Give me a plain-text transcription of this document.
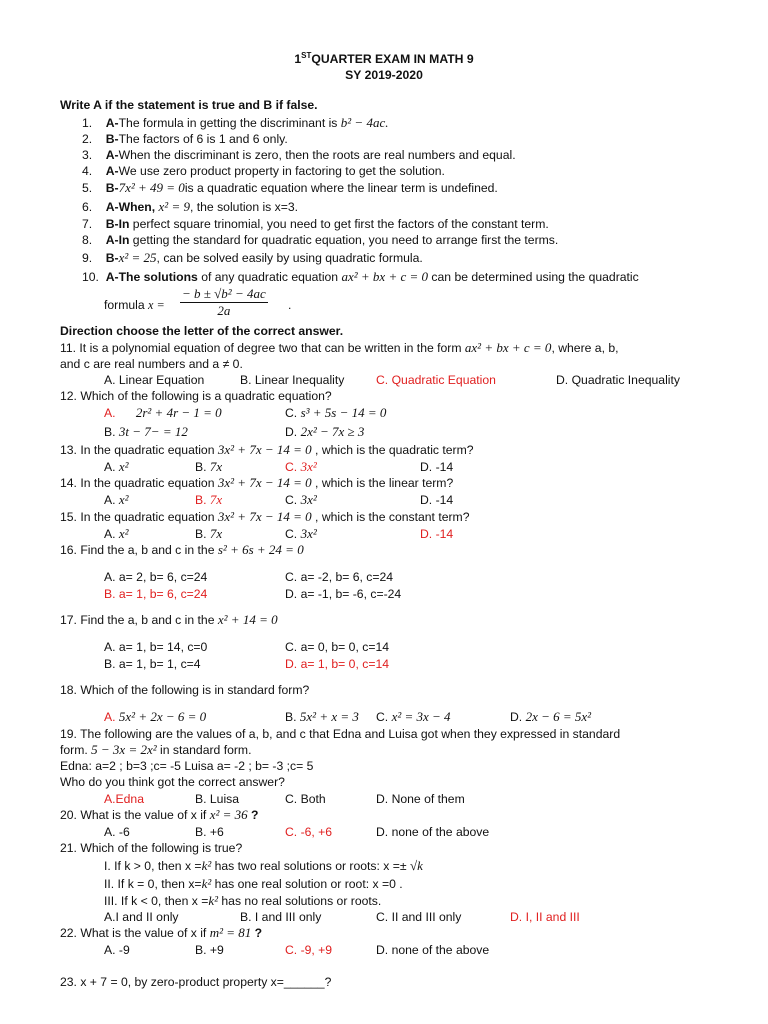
1STQUARTER EXAM IN MATH 9
SY 2019-2020
Write A if the statement is true and B if false.
1. A-The formula in getting the discriminant is b² − 4ac.
2. B-The factors of 6 is 1 and 6 only.
3. A-When the discriminant is zero, then the roots are real numbers and equal.
4. A-We use zero product property in factoring to get the solution.
5. B-7x² + 49 = 0is a quadratic equation where the linear term is undefined.
6. A-When, x² = 9, the solution is x=3.
7. B-In perfect square trinomial, you need to get first the factors of the constant term.
8. A-In getting the standard for quadratic equation, you need to arrange first the terms.
9. B-x² = 25, can be solved easily by using quadratic formula.
10. A-The solutions of any quadratic equation ax² + bx + c = 0 can be determined using the quadratic
formula $x = \frac{\text{− b ± √b² − 4ac}}{2a}$ .
Direction choose the letter of the correct answer.
11. It is a polynomial equation of degree two that can be written in the form ax² + bx + c = 0, where a, b,
and c are real numbers and a ≠ 0.
A. Linear Equation	B. Linear Inequality	C. Quadratic Equation	D. Quadratic Inequality
12. Which of the following is a quadratic equation?
A. 2r² + 4r − 1 = 0	C. s³ + 5s − 14 = 0
B. 3t − 7− = 12	D. 2x² − 7x ≥ 3
13. In the quadratic equation 3x² + 7x − 14 = 0 , which is the quadratic term?
A. x²	B. 7x	C. 3x²	D. -14
14. In the quadratic equation 3x² + 7x − 14 = 0 , which is the linear term?
A. x²	B. 7x	C. 3x²	D. -14
15. In the quadratic equation 3x² + 7x − 14 = 0 , which is the constant term?
A. x²	B. 7x	C. 3x²	D. -14
16. Find the a, b and c in the s² + 6s + 24 = 0
A. a= 2, b= 6, c=24	C. a= -2, b= 6, c=24
B. a= 1, b= 6, c=24	D. a= -1, b= -6, c=-24
17. Find the a, b and c in the x² + 14 = 0
A. a= 1, b= 14, c=0	C. a= 0, b= 0, c=14
B. a= 1, b= 1, c=4	D. a= 1, b= 0, c=14
18. Which of the following is in standard form?
A. 5x² + 2x − 6 = 0	B. 5x² + x = 3 C. x² = 3x − 4	D. 2x − 6 = 5x²
19. The following are the values of a, b, and c that Edna and Luisa got when they expressed in standard
form. 5 − 3x = 2x² in standard form.
Edna: a=2 ; b=3 ;c= -5 Luisa a= -2 ; b= -3 ;c= 5
Who do you think got the correct answer?
A.Edna	B. Luisa	C. Both	D. None of them
20. What is the value of x if x² = 36 ?
A. -6	B. +6	C. -6, +6	D. none of the above
21. Which of the following is true?
I. If k > 0, then x =k² has two real solutions or roots: x =± √k
II. If k = 0, then x=k² has one real solution or root: x =0 .
III. If k < 0, then x =k² has no real solutions or roots.
A.I and II only	B. I and III only	C. II and III only	D. I, II and III
22. What is the value of x if m² = 81 ?
A. -9	B. +9	C. -9, +9	D. none of the above
23. x + 7 = 0, by zero-product property x=______?
